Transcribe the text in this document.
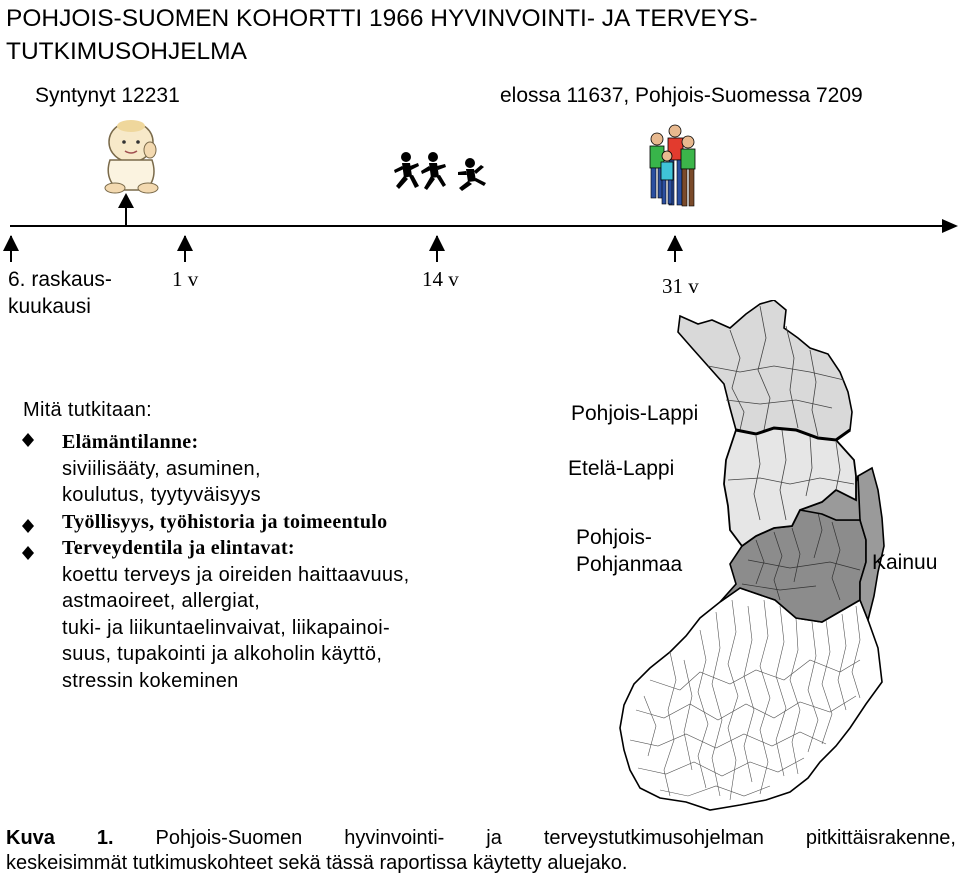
POHJOIS-SUOMEN KOHORTTI 1966 HYVINVOINTI- JA TERVEYS-
TUTKIMUSOHJELMA
Syntynyt 12231	elossa 11637, Pohjois-Suomessa 7209
6. raskaus-
kuukausi
1 v	14 v	31 v
Mitä tutkitaan:
Elämäntilanne:
siviilisääty, asuminen,
koulutus, tyytyväisyys
Työllisyys, työhistoria ja toimeentulo
Terveydentila ja elintavat:
koettu terveys ja oireiden haittaavuus,
astmaoireet, allergiat,
tuki- ja liikuntaelinvaivat, liikapainoi-
suus, tupakointi ja alkoholin käyttö,
stressin kokeminen
Pohjois-Lappi
Etelä-Lappi
Pohjois-
Pohjanmaa	Kainuu
Kuva 1. Pohjois-Suomen hyvinvointi- ja terveystutkimusohjelman pitkittäisrakenne,
keskeisimmät tutkimuskohteet sekä tässä raportissa käytetty aluejako.
